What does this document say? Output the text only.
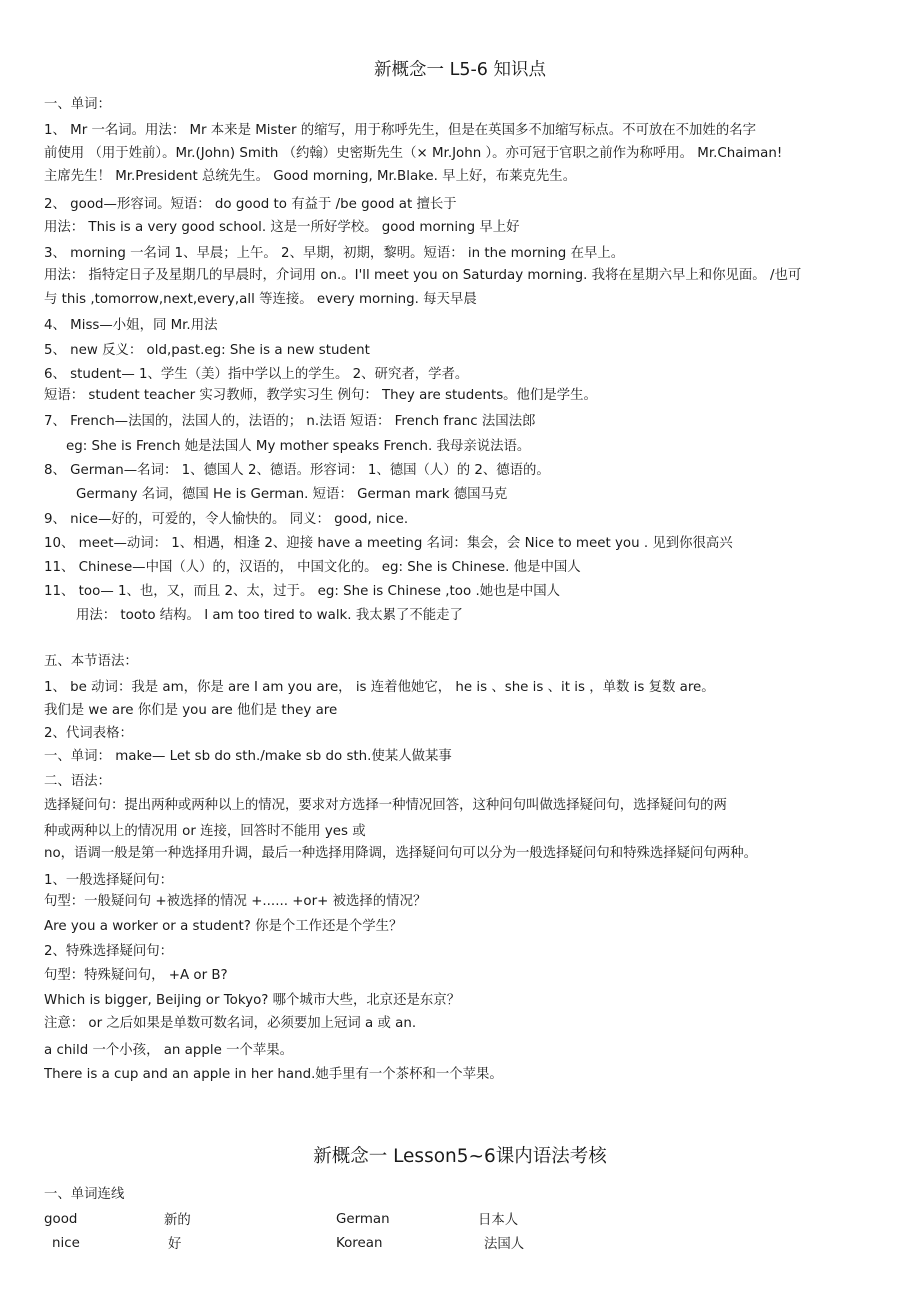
新概念一 L5-6 知识点
一、单词：
1、 Mr 一名词。用法： Mr 本来是 Mister 的缩写，用于称呼先生，但是在英国多不加缩写标点。不可放在不加姓的名字
前使用 （用于姓前）。Mr.(John) Smith （约翰）史密斯先生（× Mr.John ）。亦可冠于官职之前作为称呼用。 Mr.Chaiman!
主席先生！ Mr.President 总统先生。 Good morning, Mr.Blake. 早上好，布莱克先生。
2、 good—形容词。短语： do good to 有益于 /be good at 擅长于
用法： This is a very good school. 这是一所好学校。 good morning 早上好
3、 morning 一名词 1、早晨；上午。 2、早期，初期，黎明。短语： in the morning 在早上。
用法： 指特定日子及星期几的早晨时，介词用 on.。I'll meet you on Saturday morning. 我将在星期六早上和你见面。 /也可
与 this ,tomorrow,next,every,all 等连接。 every morning. 每天早晨
4、 Miss—小姐，同 Mr.用法
5、 new 反义： old,past.eg: She is a new student
6、 student— 1、学生（美）指中学以上的学生。 2、研究者，学者。
短语： student teacher 实习教师，教学实习生 例句： They are students。他们是学生。
7、 French—法国的，法国人的，法语的； n.法语 短语： French franc 法国法郎
eg: She is French 她是法国人 My mother speaks French. 我母亲说法语。
8、 German—名词： 1、德国人 2、德语。形容词： 1、德国（人）的 2、德语的。
Germany 名词，德国 He is German. 短语： German mark 德国马克
9、 nice—好的，可爱的，令人愉快的。 同义： good, nice.
10、 meet—动词： 1、相遇，相逢 2、迎接 have a meeting 名词：集会，会 Nice to meet you . 见到你很高兴
11、 Chinese—中国（人）的，汉语的， 中国文化的。 eg: She is Chinese. 他是中国人
11、 too— 1、也，又，而且 2、太，过于。 eg: She is Chinese ,too .她也是中国人
用法： tooto 结构。 I am too tired to walk. 我太累了不能走了
五、本节语法：
1、 be 动词：我是 am，你是 are I am you are， is 连着他她它， he is 、she is 、it is ，单数 is 复数 are。
我们是 we are 你们是 you are 他们是 they are
2、代词表格：
一、单词： make— Let sb do sth./make sb do sth.使某人做某事
二、语法：
选择疑问句：提出两种或两种以上的情况，要求对方选择一种情况回答，这种问句叫做选择疑问句，选择疑问句的两
种或两种以上的情况用 or 连接，回答时不能用 yes 或
no，语调一般是第一种选择用升调，最后一种选择用降调，选择疑问句可以分为一般选择疑问句和特殊选择疑问句两种。
1、一般选择疑问句：
句型：一般疑问句 +被选择的情况 +...... +or+ 被选择的情况？
Are you a worker or a student? 你是个工作还是个学生？
2、特殊选择疑问句：
句型：特殊疑问句， +A or B?
Which is bigger, Beijing or Tokyo? 哪个城市大些，北京还是东京？
注意： or 之后如果是单数可数名词，必须要加上冠词 a 或 an.
a child 一个小孩， an apple 一个苹果。
There is a cup and an apple in her hand.她手里有一个茶杯和一个苹果。
新概念一 Lesson5~6课内语法考核
一、单词连线
good	新的	German	日本人
nice	好	Korean	法国人
